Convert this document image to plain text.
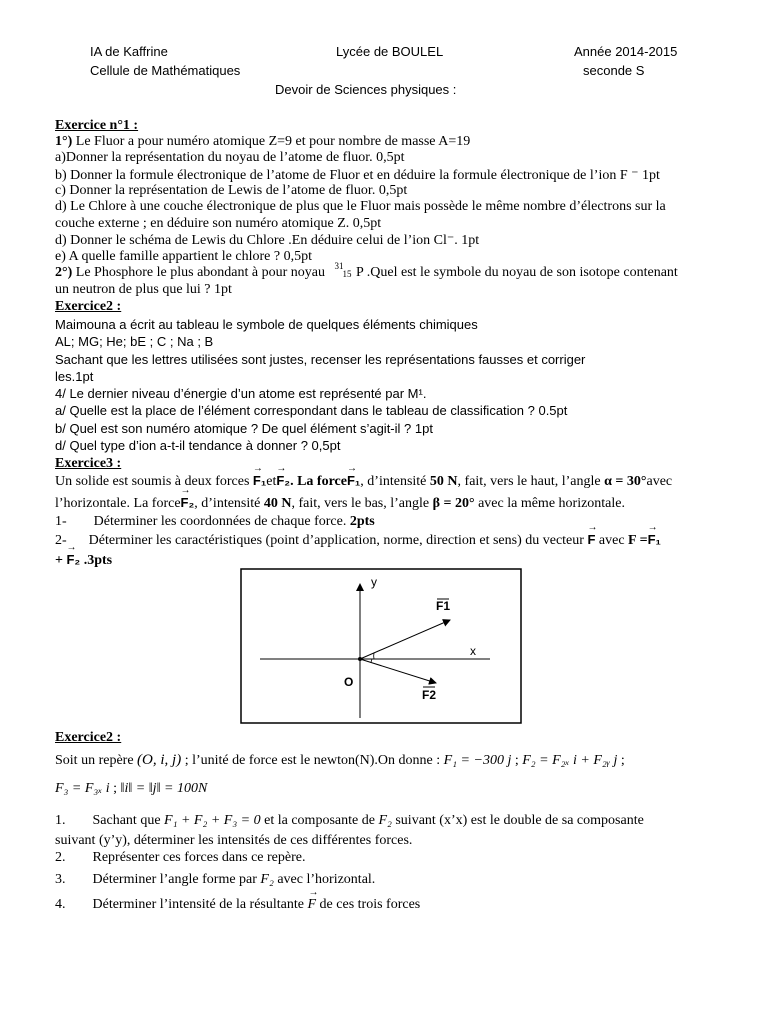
IA de Kaffrine	Lycée de BOULEL	Année 2014-2015
Cellule de Mathématiques	seconde S
Devoir de Sciences physiques :
Exercice n°1 :
1°) Le Fluor a pour numéro atomique Z=9 et pour nombre de masse A=19
a)Donner la représentation du noyau de l’atome de fluor. 0,5pt
b) Donner la formule électronique de l’atome de Fluor et en déduire la formule électronique de l’ion F ⁻ 1pt
c) Donner la représentation de Lewis de l’atome de fluor. 0,5pt
d) Le Chlore à une couche électronique de plus que le Fluor mais possède le même nombre d’électrons sur la
couche externe ; en déduire son numéro atomique Z. 0,5pt
d) Donner le schéma de Lewis du Chlore .En déduire celui de l’ion Cl⁻. 1pt
e) A quelle famille appartient le chlore ? 0,5pt
2°) Le Phosphore le plus abondant à pour noyau 31
15 P .Quel est le symbole du noyau de son isotope contenant
un neutron de plus que lui ? 1pt
Exercice2 :
Maimouna a écrit au tableau le symbole de quelques éléments chimiques
AL; MG; He; bE ; C ; Na ; B
Sachant que les lettres utilisées sont justes, recenser les représentations fausses et corriger
les.1pt
4/ Le dernier niveau d’énergie d’un atome est représenté par M¹.
a/ Quelle est la place de l’élément correspondant dans le tableau de classification ? 0.5pt
b/ Quel est son numéro atomique ? De quel élément s’agit-il ? 1pt
d/ Quel type d’ion a-t-il tendance à donner ? 0,5pt
Exercice3 :
Un solide est soumis à deux forces → F₁et→ F₂. La force→ F₁, d’intensité 50 N, fait, vers le haut, l’angle α = 30°avec
l’horizontale. La force→ F₂, d’intensité 40 N, fait, vers le bas, l’angle β = 20° avec la même horizontale.
1- Déterminer les coordonnées de chaque force. 2pts
2- Déterminer les caractéristiques (point d’application, norme, direction et sens) du vecteur → F avec F =→ F₁
+ → F₂ .3pts
y
x
O
F1
F2
Exercice2 :
Soit un repère (O, i, j) ; l’unité de force est le newton(N).On donne : F₁ = −300 j ; F₂ = F₂ₓ i + F₂ᵧ j ;
F₃ = F₃ₓ i ; ‖i‖ = ‖j‖ = 100N
1. Sachant que F₁ + F₂ + F₃ = 0 et la composante de F₂ suivant (x’x) est le double de sa composante
suivant (y’y), déterminer les intensités de ces différentes forces.
2. Représenter ces forces dans ce repère.
3. Déterminer l’angle forme par F₂ avec l’horizontal.
4. Déterminer l’intensité de la résultante → F de ces trois forces
